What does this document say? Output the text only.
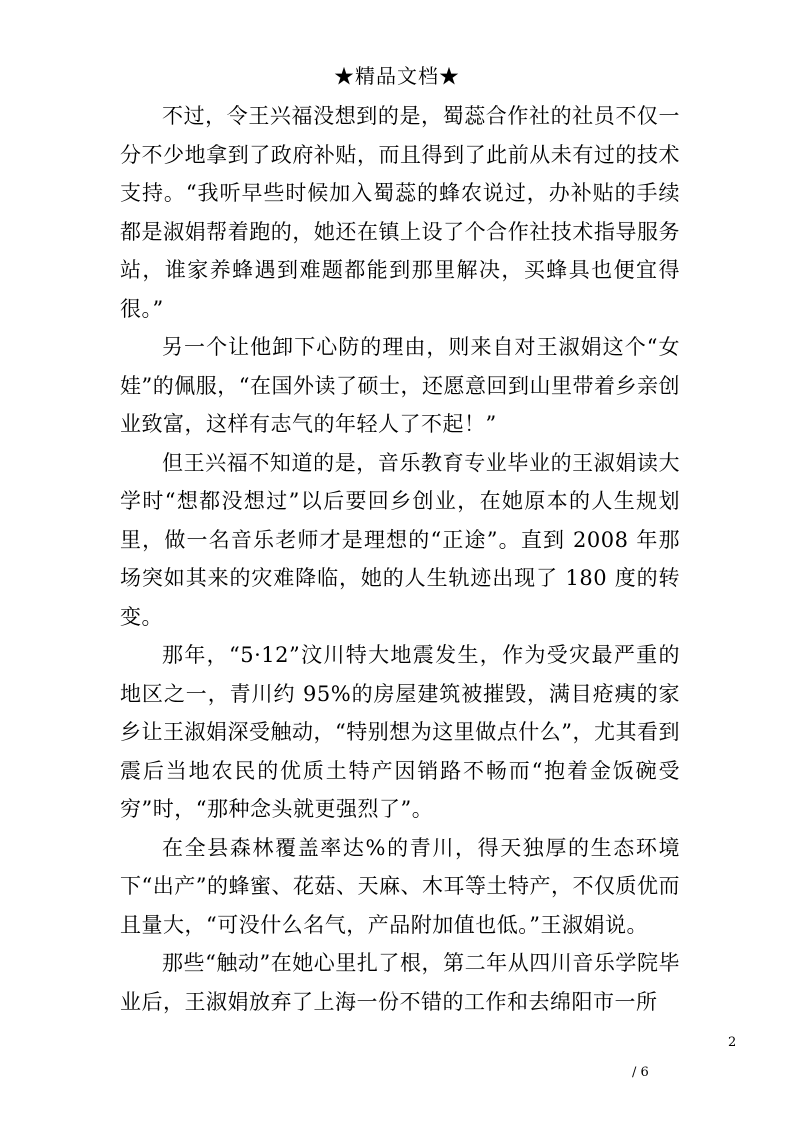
★精品文档★

不过，令王兴福没想到的是，蜀蕊合作社的社员不仅一分不少地拿到了政府补贴，而且得到了此前从未有过的技术支持。“我听早些时候加入蜀蕊的蜂农说过，办补贴的手续都是淑娟帮着跑的，她还在镇上设了个合作社技术指导服务站，谁家养蜂遇到难题都能到那里解决，买蜂具也便宜得很。”

另一个让他卸下心防的理由，则来自对王淑娟这个“女娃”的佩服，“在国外读了硕士，还愿意回到山里带着乡亲创业致富，这样有志气的年轻人了不起！”

但王兴福不知道的是，音乐教育专业毕业的王淑娟读大学时“想都没想过”以后要回乡创业，在她原本的人生规划里，做一名音乐老师才是理想的“正途”。直到 2008 年那场突如其来的灾难降临，她的人生轨迹出现了 180 度的转变。

那年，“5·12”汶川特大地震发生，作为受灾最严重的地区之一，青川约 95%的房屋建筑被摧毁，满目疮痍的家乡让王淑娟深受触动，“特别想为这里做点什么”，尤其看到震后当地农民的优质土特产因销路不畅而“抱着金饭碗受穷”时，“那种念头就更强烈了”。

在全县森林覆盖率达%的青川，得天独厚的生态环境下“出产”的蜂蜜、花菇、天麻、木耳等土特产，不仅质优而且量大，“可没什么名气，产品附加值也低。”王淑娟说。

那些“触动”在她心里扎了根，第二年从四川音乐学院毕业后，王淑娟放弃了上海一份不错的工作和去绵阳市一所

2
/ 6
